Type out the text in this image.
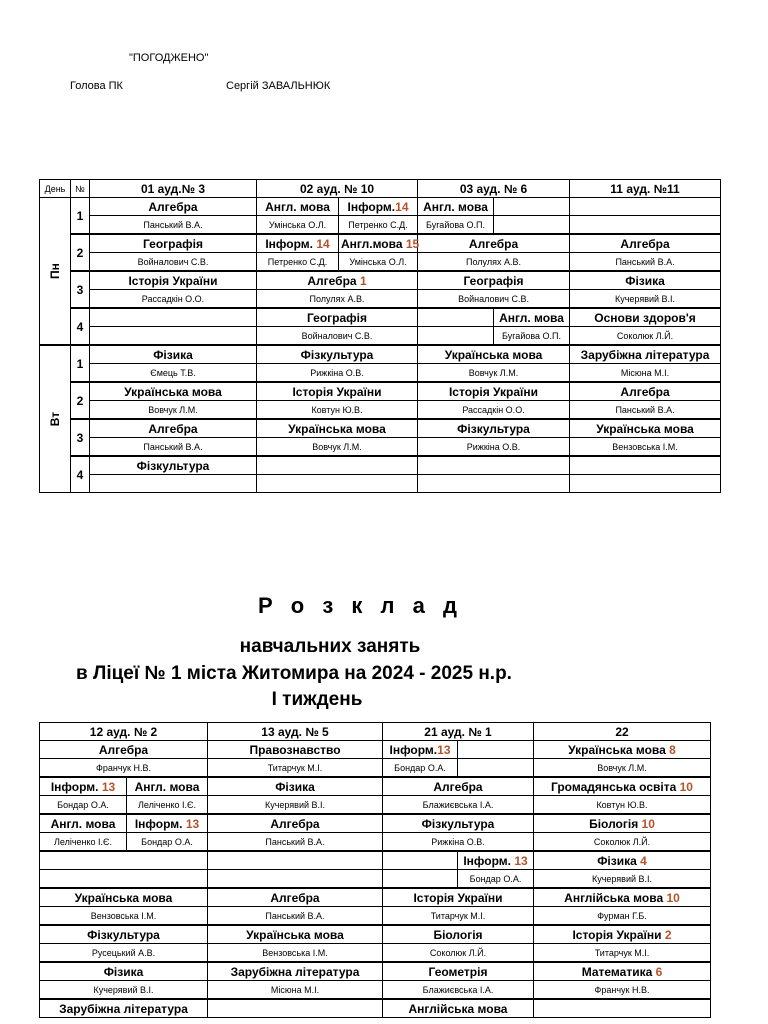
"ПОГОДЖЕНО"
Голова ПК	Сергій ЗАВАЛЬНЮК
День	№	01 ауд.№ 3	02 ауд. № 10		03 ауд. № 6		11 ауд. №11
Пн	1	Алгебра	Англ. мова	Інформ.14	Англ. мова		
		Панський В.А.	Умінська О.Л.	Петренко С.Д.	Бугайова О.П.		
	2	Географія	Інформ. 14	Англ.мова 15	Алгебра		Алгебра
		Войналович С.В.	Петренко С.Д.	Умінська О.Л.	Полулях А.В.		Панський В.А.
	3	Історія України	Алгебра 1		Географія		Фізика
		Рассадкін О.О.	Полулях А.В.		Войналович С.В.		Кучерявий В.І.
	4		Географія			Англ. мова	Основи здоров'я
			Войналович С.В.			Бугайова О.П.	Соколюк Л.Й.
Вт	1	Фізика	Фізкультура		Українська мова		Зарубіжна література
		Ємець Т.В.	Рижкіна О.В.		Вовчук Л.М.		Місюна М.І.
	2	Українська мова	Історія України		Історія України		Алгебра
		Вовчук Л.М.	Ковтун Ю.В.		Рассадкін О.О.		Панський В.А.
	3	Алгебра	Українська мова		Фізкультура		Українська мова
		Панський В.А.	Вовчук Л.М.		Рижкіна О.В.		Вензовська І.М.
	4	Фізкультура					

Р о з к л а д
навчальних занять
в Ліцеї № 1 міста Житомира на 2024 - 2025 н.р.
І тиждень
12 ауд. № 2		13 ауд. № 5	21 ауд. № 1		22
Алгебра		Правознавство	Інформ.13		Українська мова 8
Франчук Н.В.		Титарчук М.І.	Бондар О.А.		Вовчук Л.М.
Інформ. 13	Англ. мова	Фізика	Алгебра		Громадянська освіта 10
Бондар О.А.	Леліченко І.Є.	Кучерявий В.І.	Блажиєвська І.А.		Ковтун Ю.В.
Англ. мова	Інформ. 13	Алгебра	Фізкультура		Біологія 10
Леліченко І.Є.	Бондар О.А.	Панський В.А.	Рижкіна О.В.		Соколюк Л.Й.
				Інформ. 13	Фізика 4
				Бондар О.А.	Кучерявий В.І.
Українська мова		Алгебра	Історія України		Англійська мова 10
Вензовська І.М.		Панський В.А.	Титарчук М.І.		Фурман Г.Б.
Фізкультура		Українська мова	Біологія		Історія України 2
Русецький А.В.		Вензовська І.М.	Соколюк Л.Й.		Титарчук М.І.
Фізика		Зарубіжна література	Геометрія		Математика 6
Кучерявий В.І.		Місюна М.І.	Блажиєвська І.А.		Франчук Н.В.
Зарубіжна література			Англійська мова		
